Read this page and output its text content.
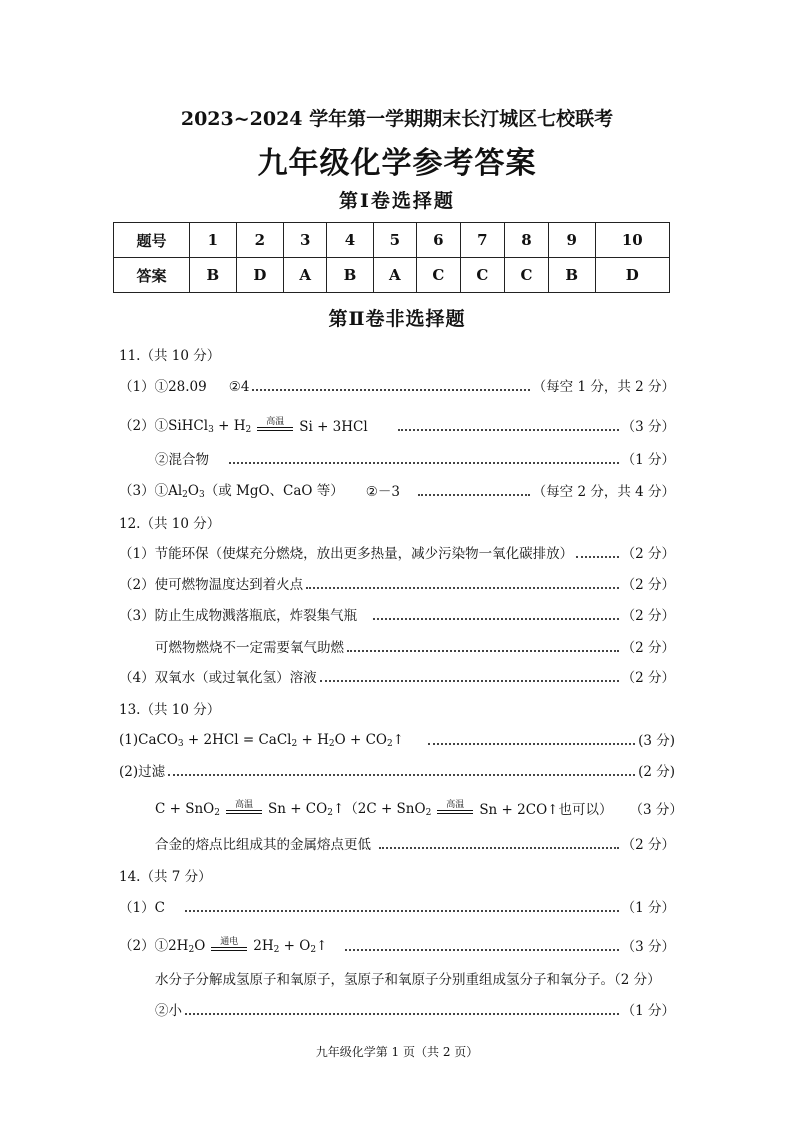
2023~2024 学年第一学期期末长汀城区七校联考
九年级化学参考答案
第Ⅰ卷选择题
题号	1	2	3	4	5	6	7	8	9	10
答案	B	D	A	B	A	C	C	C	B	D
第Ⅱ卷非选择题
11.（共 10 分）
（1）①28.09 ②4	（每空 1 分，共 2 分）
（2）①SiHCl$_3$ + $H_2$
高温 Si + 3HCl	（3 分）
②混合物	（1 分）
$(3)①Al_2O_3$（或 MgO、CaO 等） ②－3	（每空 2 分，共 4 分）
12.（共 10 分）
（1）节能环保（使煤充分燃烧，放出更多热量，减少污染物一氧化碳排放）	（2 分）
（2）使可燃物温度达到着火点	（2 分）
（3）防止生成物溅落瓶底，炸裂集气瓶	（2 分）
可燃物燃烧不一定需要氧气助燃	（2 分）
（4）双氧水（或过氧化氢）溶液	（2 分）
13.（共 10 分）
(1)CaCO$_3$ + 2HCl = CaCl$_2$ + $H_2O$ + $CO_2↑$	(3 分)
(2)过滤	(2 分)
C + SnO$_2$
高温 $Sn + CO_2↑(2C + SnO_2$
高温 Sn + 2CO↑也可以） （3 分）
合金的熔点比组成其的金属熔点更低	（2 分）
14.（共 7 分）
（1）C	（1 分）
$(2)①2H_2O$ 通电 $2H_2$ + $O_2↑$	（3 分）
水分子分解成氢原子和氧原子，氢原子和氧原子分别重组成氢分子和氧分子。（2 分）
②小	（1 分）
九年级化学第 1 页（共 2 页）
